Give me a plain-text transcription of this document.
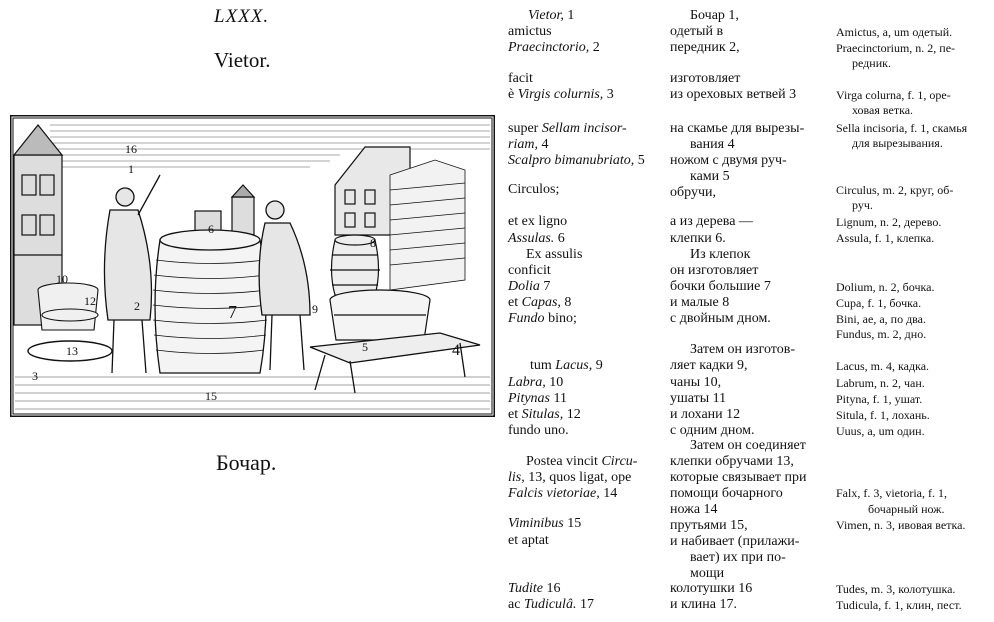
LXXX.
Vietor.
16
1
2
3
4
5
6
7
8
9
10
12
13
15
Бочар.
Vietor, 1
amictus
Praecinctorio, 2
facit
è Virgis colurnis, 3
super Sellam incisor-
riam, 4
Scalpro bimanubriato, 5
Circulos;
et ex ligno
Assulas. 6
Ex assulis
conficit
Dolia 7
et Capas, 8
Fundo bino;
tum Lacus, 9
Labra, 10
Pitynas 11
et Situlas, 12
fundo uno.
Postea vincit Circu-
lis, 13, quos ligat, ope
Falcis vietoriae, 14
Viminibus 15
et aptat
Tudite 16
ac Tudiculâ. 17
Бочар 1,
одетый в
передник 2,
изготовляет
из ореховых ветвей 3
на скамье для вырезы-
вания 4
ножом с двумя руч-
ками 5
обручи,
а из дерева —
клепки 6.
Из клепок
он изготовляет
бочки большие 7
и малые 8
с двойным дном.
Затем он изготов-
ляет кадки 9,
чаны 10,
ушаты 11
и лохани 12
с одним дном.
Затем он соединяет
клепки обручами 13,
которые связывает при
помощи бочарного
ножа 14
прутьями 15,
и набивает (прилажи-
вает) их при по-
мощи
колотушки 16
и клина 17.
Amictus, a, um одетый.
Praecinctorium, n. 2, пе-
редник.
Virga colurna, f. 1, оре-
ховая ветка.
Sella incisoria, f. 1, скамья
для вырезывания.
Circulus, m. 2, круг, об-
руч.
Lignum, n. 2, дерево.
Assula, f. 1, клепка.
Dolium, n. 2, бочка.
Cupa, f. 1, бочка.
Bini, ae, a, по два.
Fundus, m. 2, дно.
Lacus, m. 4, кадка.
Labrum, n. 2, чан.
Pityna, f. 1, ушат.
Situla, f. 1, лохань.
Uuus, a, um один.
Falx, f. 3, vietoria, f. 1,
бочарный нож.
Vimen, n. 3, ивовая ветка.
Tudes, m. 3, колотушка.
Tudicula, f. 1, клин, пест.
